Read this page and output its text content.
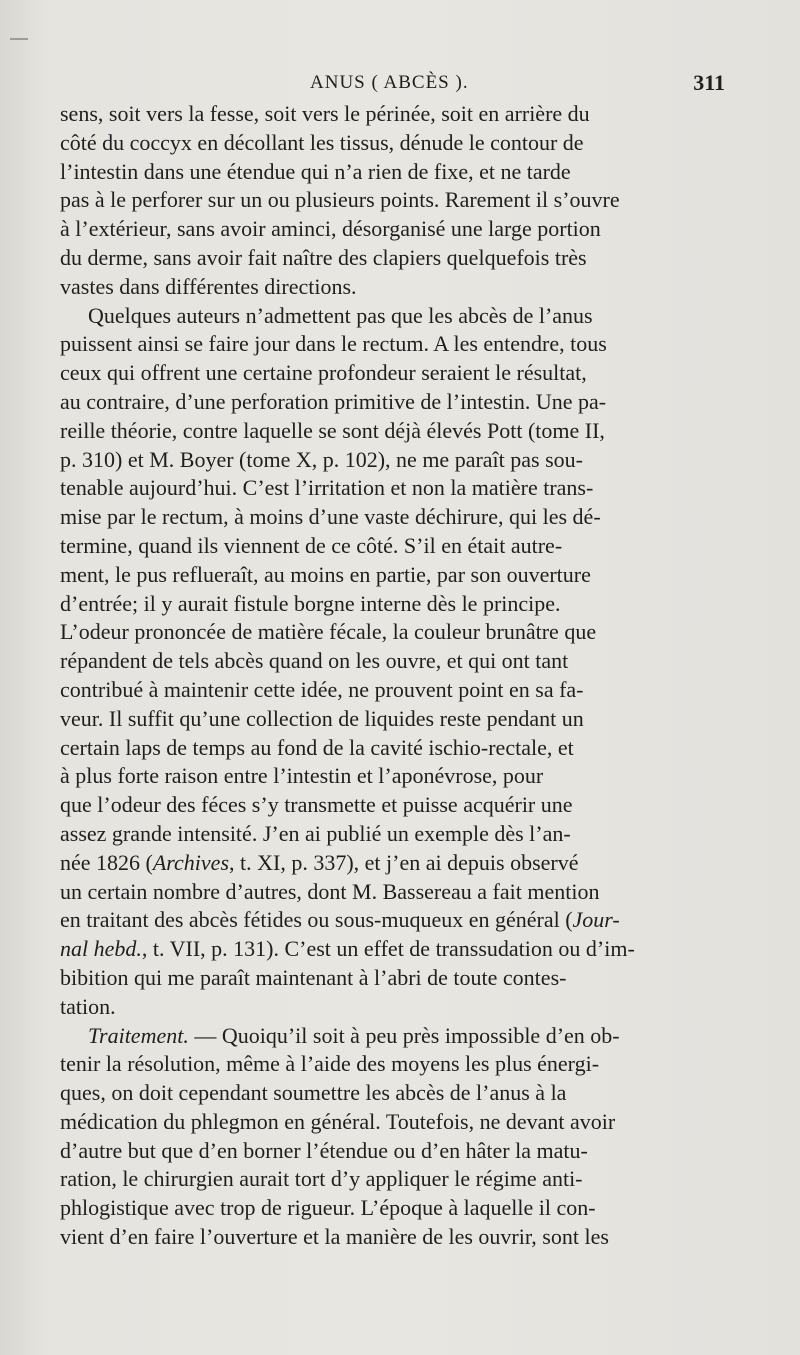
ANUS ( ABCÈS ).	311
sens, soit vers la fesse, soit vers le périnée, soit en arrière du
côté du coccyx en décollant les tissus, dénude le contour de
l’intestin dans une étendue qui n’a rien de fixe, et ne tarde
pas à le perforer sur un ou plusieurs points. Rarement il s’ouvre
à l’extérieur, sans avoir aminci, désorganisé une large portion
du derme, sans avoir fait naître des clapiers quelquefois très
vastes dans différentes directions.
Quelques auteurs n’admettent pas que les abcès de l’anus
puissent ainsi se faire jour dans le rectum. A les entendre, tous
ceux qui offrent une certaine profondeur seraient le résultat,
au contraire, d’une perforation primitive de l’intestin. Une pa-
reille théorie, contre laquelle se sont déjà élevés Pott (tome II,
p. 310) et M. Boyer (tome X, p. 102), ne me paraît pas sou-
tenable aujourd’hui. C’est l’irritation et non la matière trans-
mise par le rectum, à moins d’une vaste déchirure, qui les dé-
termine, quand ils viennent de ce côté. S’il en était autre-
ment, le pus reflueraît, au moins en partie, par son ouverture
d’entrée; il y aurait fistule borgne interne dès le principe.
L’odeur prononcée de matière fécale, la couleur brunâtre que
répandent de tels abcès quand on les ouvre, et qui ont tant
contribué à maintenir cette idée, ne prouvent point en sa fa-
veur. Il suffit qu’une collection de liquides reste pendant un
certain laps de temps au fond de la cavité ischio-rectale, et
à plus forte raison entre l’intestin et l’aponévrose, pour
que l’odeur des féces s’y transmette et puisse acquérir une
assez grande intensité. J’en ai publié un exemple dès l’an-
née 1826 (Archives, t. XI, p. 337), et j’en ai depuis observé
un certain nombre d’autres, dont M. Bassereau a fait mention
en traitant des abcès fétides ou sous-muqueux en général (Jour-
nal hebd., t. VII, p. 131). C’est un effet de transsudation ou d’im-
bibition qui me paraît maintenant à l’abri de toute contes-
tation.
Traitement. — Quoiqu’il soit à peu près impossible d’en ob-
tenir la résolution, même à l’aide des moyens les plus énergi-
ques, on doit cependant soumettre les abcès de l’anus à la
médication du phlegmon en général. Toutefois, ne devant avoir
d’autre but que d’en borner l’étendue ou d’en hâter la matu-
ration, le chirurgien aurait tort d’y appliquer le régime anti-
phlogistique avec trop de rigueur. L’époque à laquelle il con-
vient d’en faire l’ouverture et la manière de les ouvrir, sont les
